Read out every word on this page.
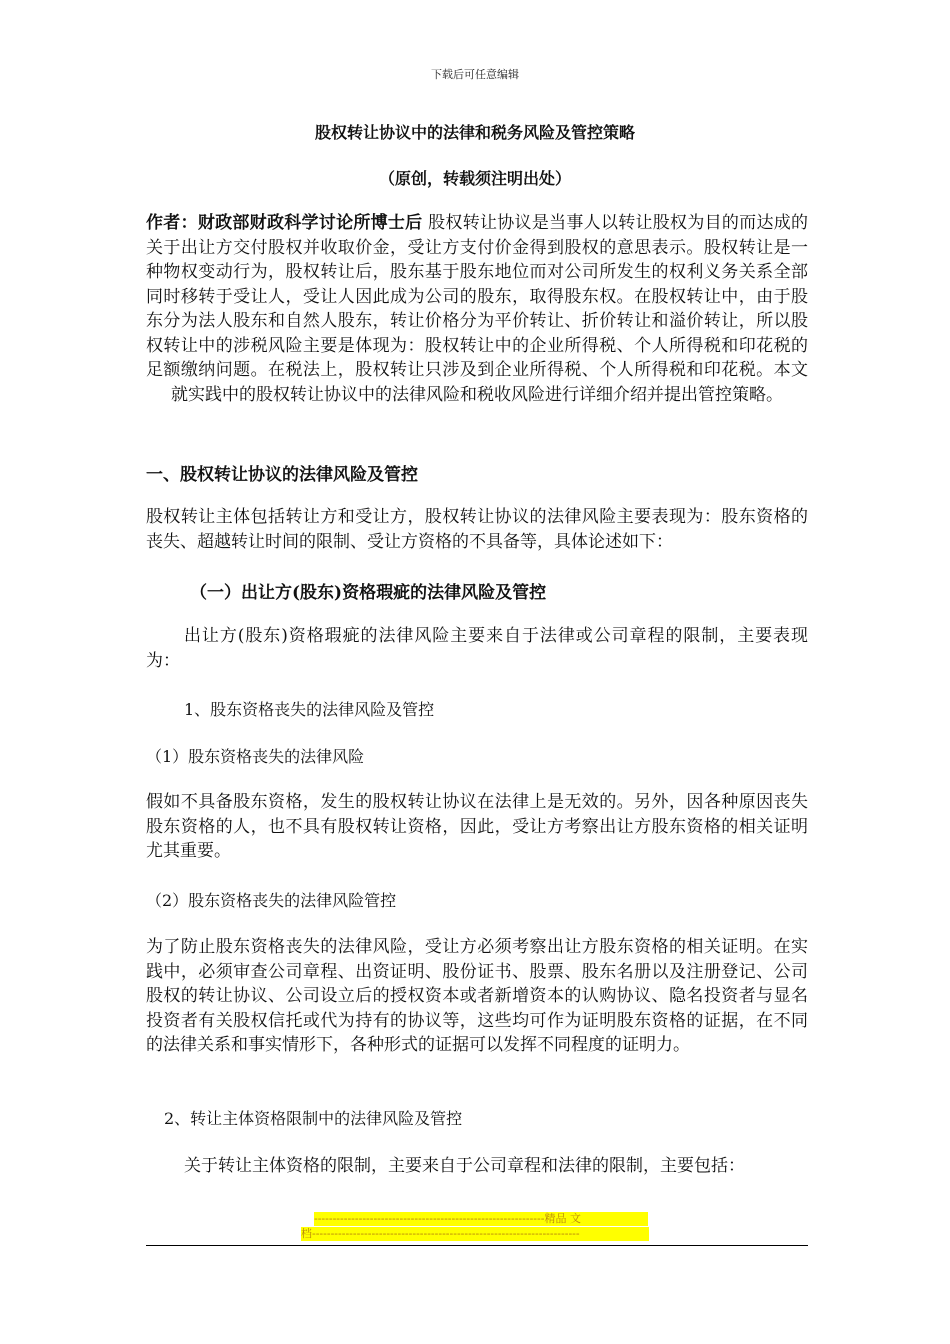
下载后可任意编辑
股权转让协议中的法律和税务风险及管控策略
（原创，转载须注明出处）
作者：财政部财政科学讨论所博士后 股权转让协议是当事人以转让股权为目的而达成的关于出让方交付股权并收取价金，受让方支付价金得到股权的意思表示。股权转让是一种物权变动行为，股权转让后，股东基于股东地位而对公司所发生的权利义务关系全部同时移转于受让人，受让人因此成为公司的股东，取得股东权。在股权转让中，由于股东分为法人股东和自然人股东，转让价格分为平价转让、折价转让和溢价转让，所以股权转让中的涉税风险主要是体现为：股权转让中的企业所得税、个人所得税和印花税的足额缴纳问题。在税法上，股权转让只涉及到企业所得税、个人所得税和印花税。本文就实践中的股权转让协议中的法律风险和税收风险进行详细介绍并提出管控策略。
一、股权转让协议的法律风险及管控
股权转让主体包括转让方和受让方，股权转让协议的法律风险主要表现为：股东资格的丧失、超越转让时间的限制、受让方资格的不具备等，具体论述如下：
（一）出让方(股东)资格瑕疵的法律风险及管控
出让方(股东)资格瑕疵的法律风险主要来自于法律或公司章程的限制，主要表现为：
1、股东资格丧失的法律风险及管控
（1）股东资格丧失的法律风险
假如不具备股东资格，发生的股权转让协议在法律上是无效的。另外，因各种原因丧失股东资格的人，也不具有股权转让资格，因此，受让方考察出让方股东资格的相关证明尤其重要。
（2）股东资格丧失的法律风险管控
为了防止股东资格丧失的法律风险，受让方必须考察出让方股东资格的相关证明。在实践中，必须审查公司章程、出资证明、股份证书、股票、股东名册以及注册登记、公司股权的转让协议、公司设立后的授权资本或者新增资本的认购协议、隐名投资者与显名投资者有关股权信托或代为持有的协议等，这些均可作为证明股东资格的证据，在不同的法律关系和事实情形下，各种形式的证据可以发挥不同程度的证明力。
2、转让主体资格限制中的法律风险及管控
关于转让主体资格的限制，主要来自于公司章程和法律的限制，主要包括：
--------------------------------------------------------------精品 文
档------------------------------------------------------------------------
